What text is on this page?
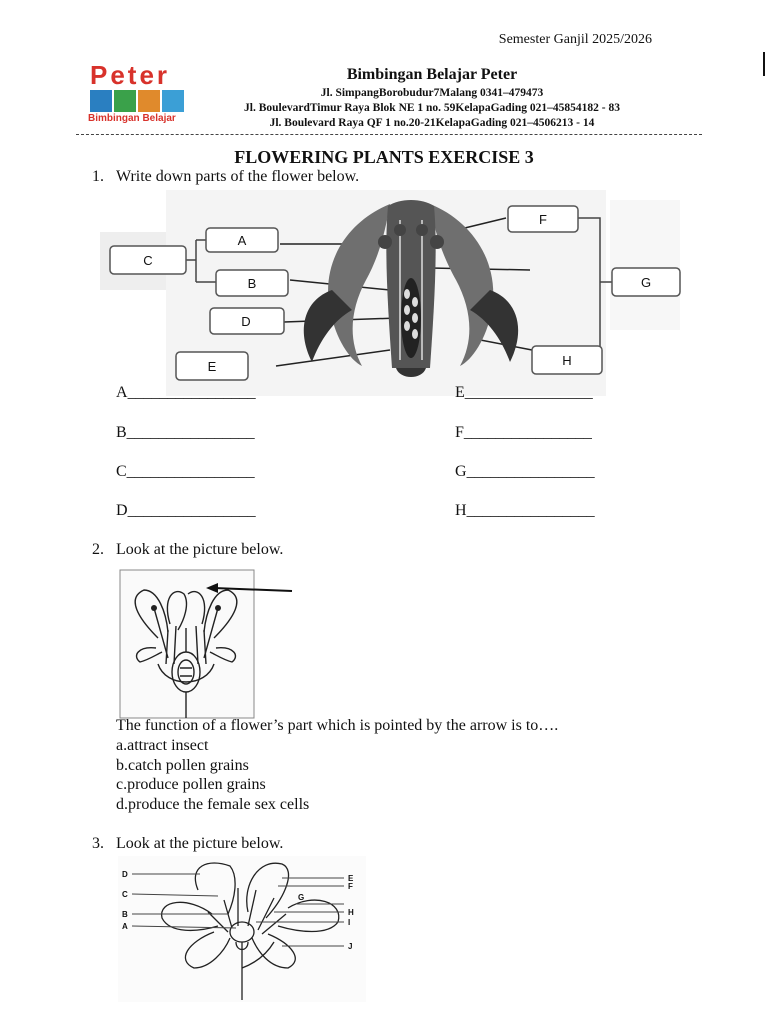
Semester Ganjil 2025/2026
Peter
Bimbingan Belajar
Bimbingan Belajar Peter
Jl. SimpangBorobudur7Malang 0341–479473
Jl. BoulevardTimur Raya Blok NE 1 no. 59KelapaGading 021–45854182 - 83
Jl. Boulevard Raya QF 1 no.20-21KelapaGading 021–4506213 - 14
FLOWERING PLANTS EXERCISE 3
1. Write down parts of the flower below.
C
A
B
D
E
F
G
H
A________________	E________________
B________________	F________________
C________________	G________________
D________________	H________________
2. Look at the picture below.
The function of a flower’s part which is pointed by the arrow is to….
a.attract insect
b.catch pollen grains
c.produce pollen grains
d.produce the female sex cells
3. Look at the picture below.
D
C
B
A
E
F
G
H
I
J
